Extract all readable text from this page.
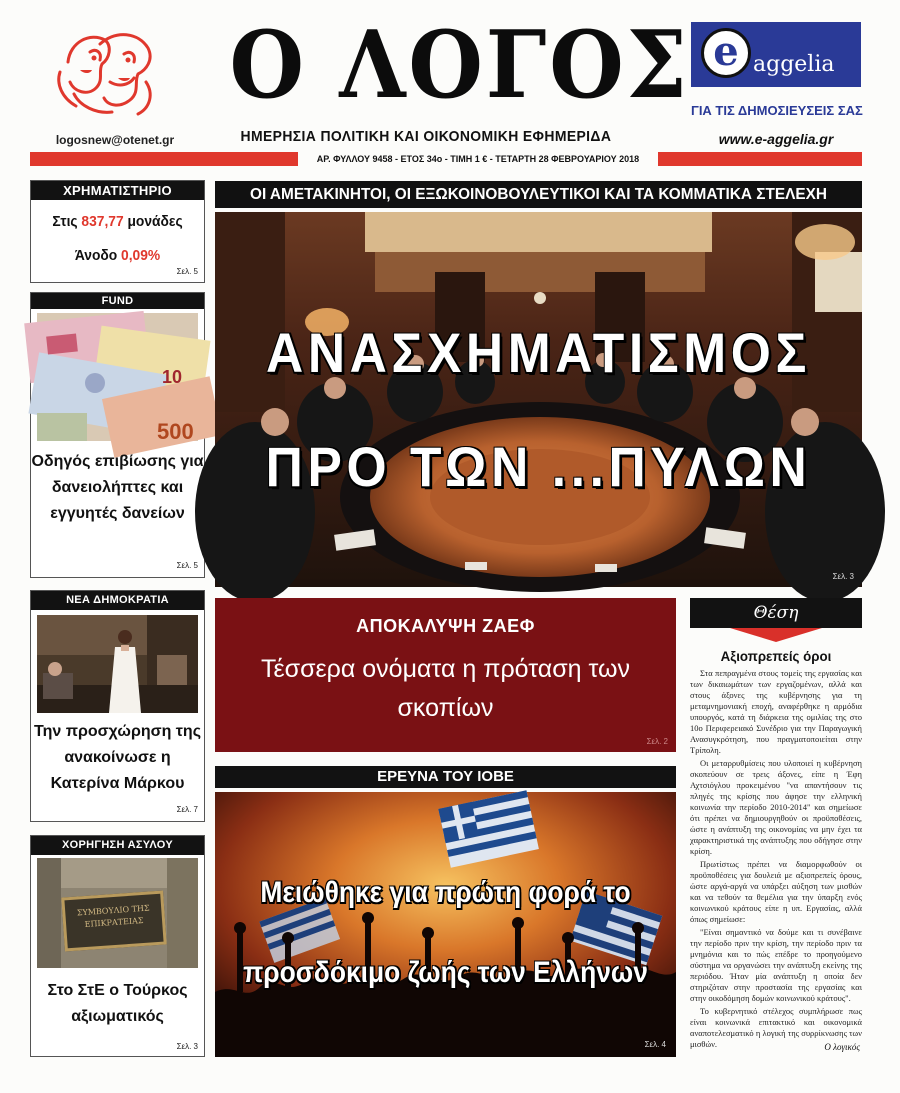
logosnew@otenet.gr
Ο ΛΟΓΟΣ
ΗΜΕΡΗΣΙΑ ΠΟΛΙΤΙΚΗ ΚΑΙ ΟΙΚΟΝΟΜΙΚΗ ΕΦΗΜΕΡΙΔΑ
e aggelia
ΓΙΑ ΤΙΣ ΔΗΜΟΣΙΕΥΣΕΙΣ ΣΑΣ
www.e-aggelia.gr
ΑΡ. ΦΥΛΛΟΥ 9458 - ΕΤΟΣ 34ο - ΤΙΜΗ 1 € - ΤΕΤΑΡΤΗ 28 ΦΕΒΡΟΥΑΡΙΟΥ 2018
ΧΡΗΜΑΤΙΣΤΗΡΙΟ
Στις 837,77 μονάδες
Άνοδο 0,09%
Σελ. 5
FUND
10
500
Οδηγός επιβίωσης για δανειολήπτες και εγγυητές δανείων
Σελ. 5
ΝΕΑ ΔΗΜΟΚΡΑΤΙΑ
Την προσχώρηση της ανακοίνωσε η Κατερίνα Μάρκου
Σελ. 7
ΧΟΡΗΓΗΣΗ ΑΣΥΛΟΥ
ΣΥΜΒΟΥΛΙΟ ΤΗΣ ΕΠΙΚΡΑΤΕΙΑΣ
Στο ΣτΕ ο Τούρκος αξιωματικός
Σελ. 3
ΟΙ ΑΜΕΤΑΚΙΝΗΤΟΙ, ΟΙ ΕΞΩΚΟΙΝΟΒΟΥΛΕΥΤΙΚΟΙ ΚΑΙ ΤΑ ΚΟΜΜΑΤΙΚΑ ΣΤΕΛΕΧΗ
ΑΝΑΣΧΗΜΑΤΙΣΜΟΣ
ΠΡΟ ΤΩΝ ...ΠΥΛΩΝ
Σελ. 3
ΑΠΟΚΑΛΥΨΗ ΖΑΕΦ
Τέσσερα ονόματα η πρόταση των σκοπίων
Σελ. 2
ΕΡΕΥΝΑ ΤΟΥ ΙΟΒΕ
Μειώθηκε για πρώτη φορά το
προσδόκιμο ζωής των Ελλήνων
Σελ. 4
Θέση
Αξιοπρεπείς όροι

Στα πεπραγμένα στους τομείς της εργασίας και των δικαιωμάτων των εργαζομένων, αλλά και στους άξονες της κυβέρνησης για τη μεταμνημονιακή εποχή, αναφέρθηκε η αρμόδια υπουργός, κατά τη διάρκεια της ομιλίας της στο 10ο Περιφερειακό Συνέδριο για την Παραγωγική Ανασυγκρότηση, που πραγματοποιείται στην Τρίπολη.

Οι μεταρρυθμίσεις που υλοποιεί η κυβέρνηση σκοπεύουν σε τρεις άξονες, είπε η Έφη Αχτσιόγλου προκειμένου "να απαντήσουν τις πληγές της κρίσης που άφησε την ελληνική κοινωνία την περίοδο 2010-2014" και σημείωσε ότι πρέπει να δημιουργηθούν οι προϋποθέσεις, ώστε η ανάπτυξη της οικονομίας να μην έχει τα χαρακτηριστικά της ανάπτυξης που οδήγησε στην κρίση.

Πρωτίστως πρέπει να διαμορφωθούν οι προϋποθέσεις για δουλειά με αξιοπρεπείς όρους, ώστε αργά-αργά να υπάρξει αύξηση των μισθών και να τεθούν τα θεμέλια για την ύπαρξη ενός κοινωνικού κράτους είπε η υπ. Εργασίας, αλλά όπως σημείωσε:

"Είναι σημαντικό να δούμε και τι συνέβαινε την περίοδο πριν την κρίση, την περίοδο πριν τα μνημόνια και το πώς επέδρε το προηγούμενο σύστημα να οργανώσει την ανάπτυξη εκείνης της περιόδου. Ήταν μία ανάπτυξη η οποία δεν στηριζόταν στην προστασία της εργασίας και στην οικοδόμηση δομών κοινωνικού κράτους".

Το κυβερνητικό στέλεχος συμπλήρωσε πως είναι κοινωνικά επιτακτικό και οικονομικά αναποτελεσματικό η λογική της συρρίκνωσης των μισθών.	Ο λογικός
